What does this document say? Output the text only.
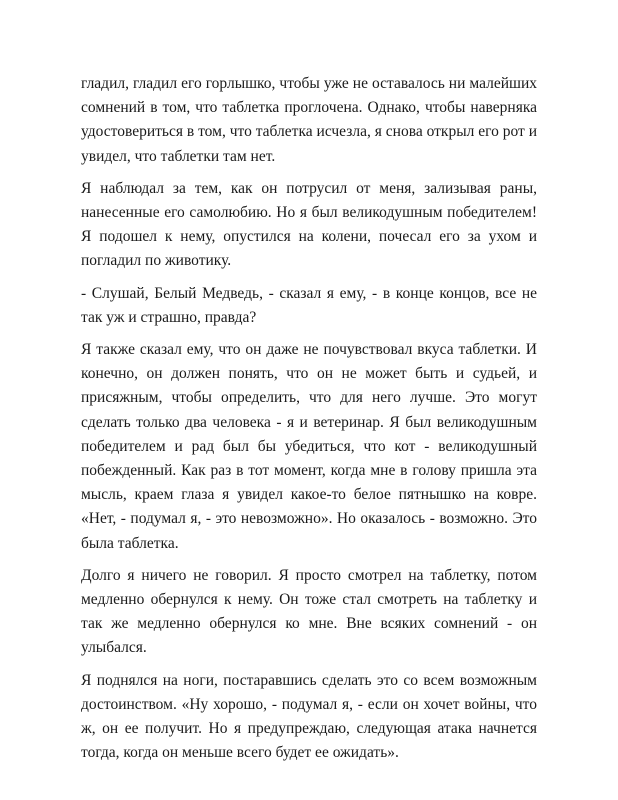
гладил, гладил его горлышко, чтобы уже не оставалось ни малейших сомнений в том, что таблетка проглочена. Однако, чтобы наверняка удостовериться в том, что таблетка исчезла, я снова открыл его рот и увидел, что таблетки там нет.

Я наблюдал за тем, как он потрусил от меня, зализывая раны, нанесенные его самолюбию. Но я был великодушным победителем! Я подошел к нему, опустился на колени, почесал его за ухом и погладил по животику.

- Слушай, Белый Медведь, - сказал я ему, - в конце концов, все не так уж и страшно, правда?

Я также сказал ему, что он даже не почувствовал вкуса таблетки. И конечно, он должен понять, что он не может быть и судьей, и присяжным, чтобы определить, что для него лучше. Это могут сделать только два человека - я и ветеринар. Я был великодушным победителем и рад был бы убедиться, что кот - великодушный побежденный. Как раз в тот момент, когда мне в голову пришла эта мысль, краем глаза я увидел какое-то белое пятнышко на ковре. «Нет, - подумал я, - это невозможно». Но оказалось - возможно. Это была таблетка.

Долго я ничего не говорил. Я просто смотрел на таблетку, потом медленно обернулся к нему. Он тоже стал смотреть на таблетку и так же медленно обернулся ко мне. Вне всяких сомнений - он улыбался.

Я поднялся на ноги, постаравшись сделать это со всем возможным достоинством. «Ну хорошо, - подумал я, - если он хочет войны, что ж, он ее получит. Но я предупреждаю, следующая атака начнется тогда, когда он меньше всего будет ее ожидать».
